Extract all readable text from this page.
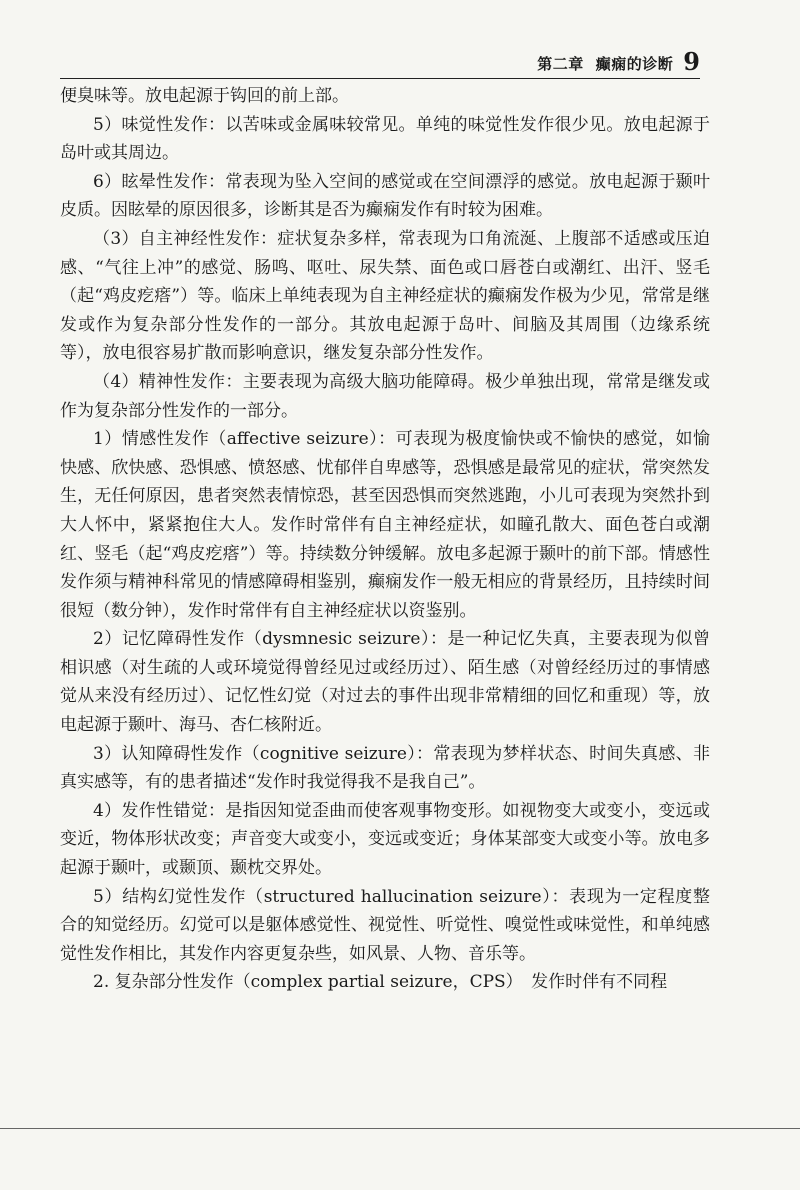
第二章 癫痫的诊断 9

便臭味等。放电起源于钩回的前上部。

5）味觉性发作：以苦味或金属味较常见。单纯的味觉性发作很少见。放电起源于岛叶或其周边。

6）眩晕性发作：常表现为坠入空间的感觉或在空间漂浮的感觉。放电起源于颞叶皮质。因眩晕的原因很多，诊断其是否为癫痫发作有时较为困难。

（3）自主神经性发作：症状复杂多样，常表现为口角流涎、上腹部不适感或压迫感、“气往上冲”的感觉、肠鸣、呕吐、尿失禁、面色或口唇苍白或潮红、出汗、竖毛（起“鸡皮疙瘩”）等。临床上单纯表现为自主神经症状的癫痫发作极为少见，常常是继发或作为复杂部分性发作的一部分。其放电起源于岛叶、间脑及其周围（边缘系统等），放电很容易扩散而影响意识，继发复杂部分性发作。

（4）精神性发作：主要表现为高级大脑功能障碍。极少单独出现，常常是继发或作为复杂部分性发作的一部分。

1）情感性发作（affective seizure）：可表现为极度愉快或不愉快的感觉，如愉快感、欣快感、恐惧感、愤怒感、忧郁伴自卑感等，恐惧感是最常见的症状，常突然发生，无任何原因，患者突然表情惊恐，甚至因恐惧而突然逃跑，小儿可表现为突然扑到大人怀中，紧紧抱住大人。发作时常伴有自主神经症状，如瞳孔散大、面色苍白或潮红、竖毛（起“鸡皮疙瘩”）等。持续数分钟缓解。放电多起源于颞叶的前下部。情感性发作须与精神科常见的情感障碍相鉴别，癫痫发作一般无相应的背景经历，且持续时间很短（数分钟），发作时常伴有自主神经症状以资鉴别。

2）记忆障碍性发作（dysmnesic seizure）：是一种记忆失真，主要表现为似曾相识感（对生疏的人或环境觉得曾经见过或经历过）、陌生感（对曾经经历过的事情感觉从来没有经历过）、记忆性幻觉（对过去的事件出现非常精细的回忆和重现）等，放电起源于颞叶、海马、杏仁核附近。

3）认知障碍性发作（cognitive seizure）：常表现为梦样状态、时间失真感、非真实感等，有的患者描述“发作时我觉得我不是我自己”。

4）发作性错觉：是指因知觉歪曲而使客观事物变形。如视物变大或变小，变远或变近，物体形状改变；声音变大或变小，变远或变近；身体某部变大或变小等。放电多起源于颞叶，或颞顶、颞枕交界处。

5）结构幻觉性发作（structured hallucination seizure）：表现为一定程度整合的知觉经历。幻觉可以是躯体感觉性、视觉性、听觉性、嗅觉性或味觉性，和单纯感觉性发作相比，其发作内容更复杂些，如风景、人物、音乐等。

2. 复杂部分性发作（complex partial seizure，CPS）　发作时伴有不同程
